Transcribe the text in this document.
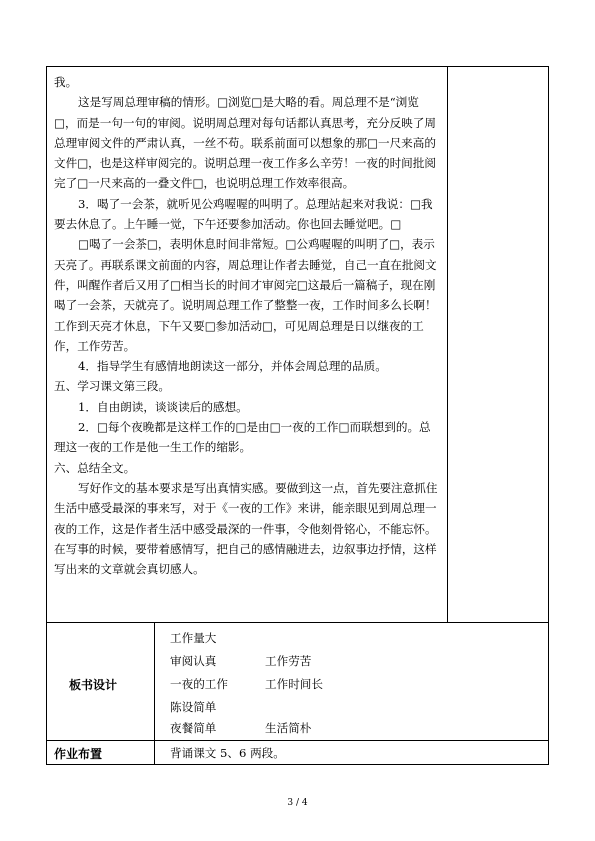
我。

这是写周总理审稿的情形。□浏览□是大略的看。周总理不是“浏览□，而是一句一句的审阅。说明周总理对每句话都认真思考，充分反映了周总理审阅文件的严肃认真，一丝不苟。联系前面可以想象的那□一尺来高的文件□，也是这样审阅完的。说明总理一夜工作多么辛劳！一夜的时间批阅完了□一尺来高的一叠文件□，也说明总理工作效率很高。

3．喝了一会茶，就听见公鸡喔喔的叫明了。总理站起来对我说：□我要去休息了。上午睡一觉，下午还要参加活动。你也回去睡觉吧。□

□喝了一会茶□，表明休息时间非常短。□公鸡喔喔的叫明了□，表示天亮了。再联系课文前面的内容，周总理让作者去睡觉，自己一直在批阅文件，叫醒作者后又用了□相当长的时间才审阅完□这最后一篇稿子，现在刚喝了一会茶，天就亮了。说明周总理工作了整整一夜，工作时间多么长啊！工作到天亮才休息，下午又要□参加活动□，可见周总理是日以继夜的工作，工作劳苦。

4．指导学生有感情地朗读这一部分，并体会周总理的品质。

五、学习课文第三段。

1．自由朗读，谈谈读后的感想。

2．□每个夜晚都是这样工作的□是由□一夜的工作□而联想到的。总理这一夜的工作是他一生工作的缩影。

六、总结全文。

写好作文的基本要求是写出真情实感。要做到这一点，首先要注意抓住生活中感受最深的事来写，对于《一夜的工作》来讲，能亲眼见到周总理一夜的工作，这是作者生活中感受最深的一件事，令他刻骨铭心，不能忘怀。在写事的时候，要带着感情写，把自己的感情融进去，边叙事边抒情，这样写出来的文章就会真切感人。

板书设计
工作量大
审阅认真	工作劳苦
一夜的工作	工作时间长
陈设简单
夜餐简单	生活简朴
作业布置	背诵课文 5、6 两段。
3 / 4
